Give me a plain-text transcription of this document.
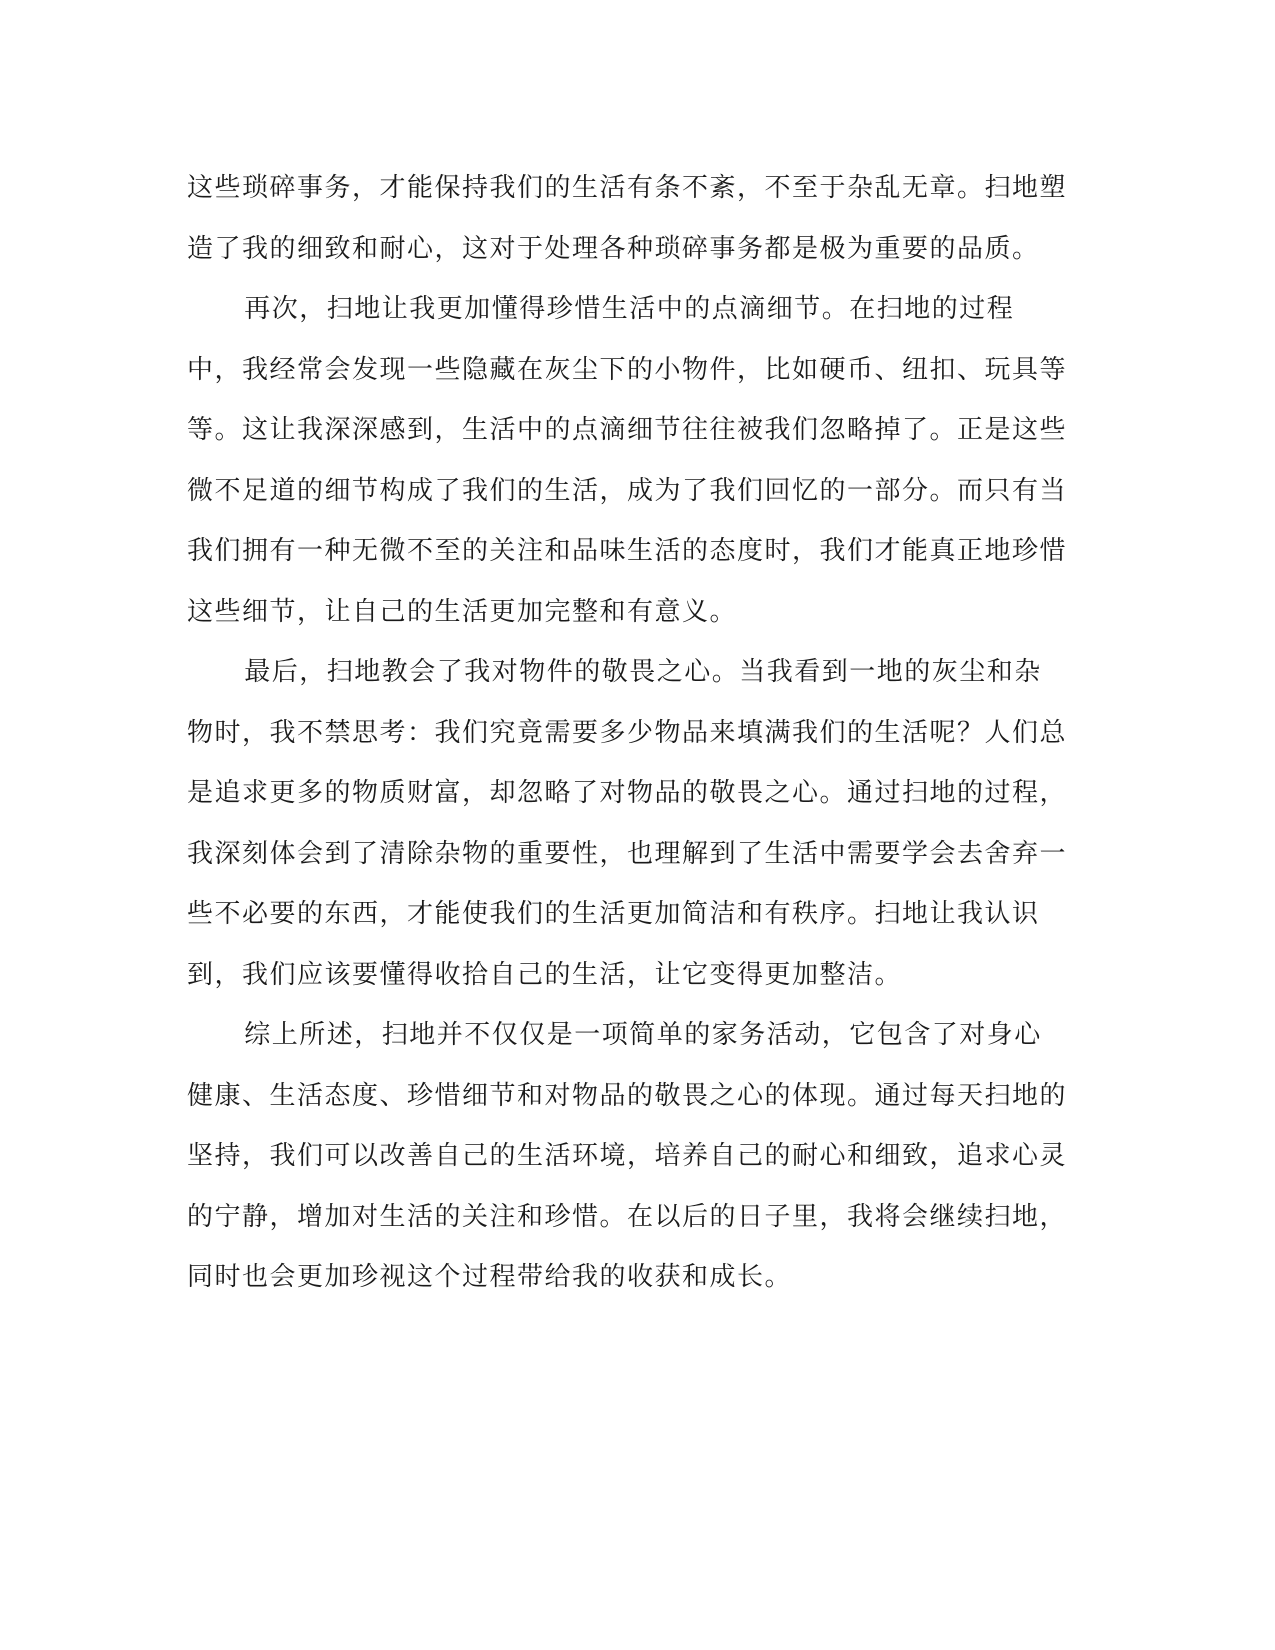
这些琐碎事务，才能保持我们的生活有条不紊，不至于杂乱无章。扫地塑造了我的细致和耐心，这对于处理各种琐碎事务都是极为重要的品质。

再次，扫地让我更加懂得珍惜生活中的点滴细节。在扫地的过程中，我经常会发现一些隐藏在灰尘下的小物件，比如硬币、纽扣、玩具等等。这让我深深感到，生活中的点滴细节往往被我们忽略掉了。正是这些微不足道的细节构成了我们的生活，成为了我们回忆的一部分。而只有当我们拥有一种无微不至的关注和品味生活的态度时，我们才能真正地珍惜这些细节，让自己的生活更加完整和有意义。

最后，扫地教会了我对物件的敬畏之心。当我看到一地的灰尘和杂物时，我不禁思考：我们究竟需要多少物品来填满我们的生活呢？人们总是追求更多的物质财富，却忽略了对物品的敬畏之心。通过扫地的过程，我深刻体会到了清除杂物的重要性，也理解到了生活中需要学会去舍弃一些不必要的东西，才能使我们的生活更加简洁和有秩序。扫地让我认识到，我们应该要懂得收拾自己的生活，让它变得更加整洁。

综上所述，扫地并不仅仅是一项简单的家务活动，它包含了对身心健康、生活态度、珍惜细节和对物品的敬畏之心的体现。通过每天扫地的坚持，我们可以改善自己的生活环境，培养自己的耐心和细致，追求心灵的宁静，增加对生活的关注和珍惜。在以后的日子里，我将会继续扫地，同时也会更加珍视这个过程带给我的收获和成长。
